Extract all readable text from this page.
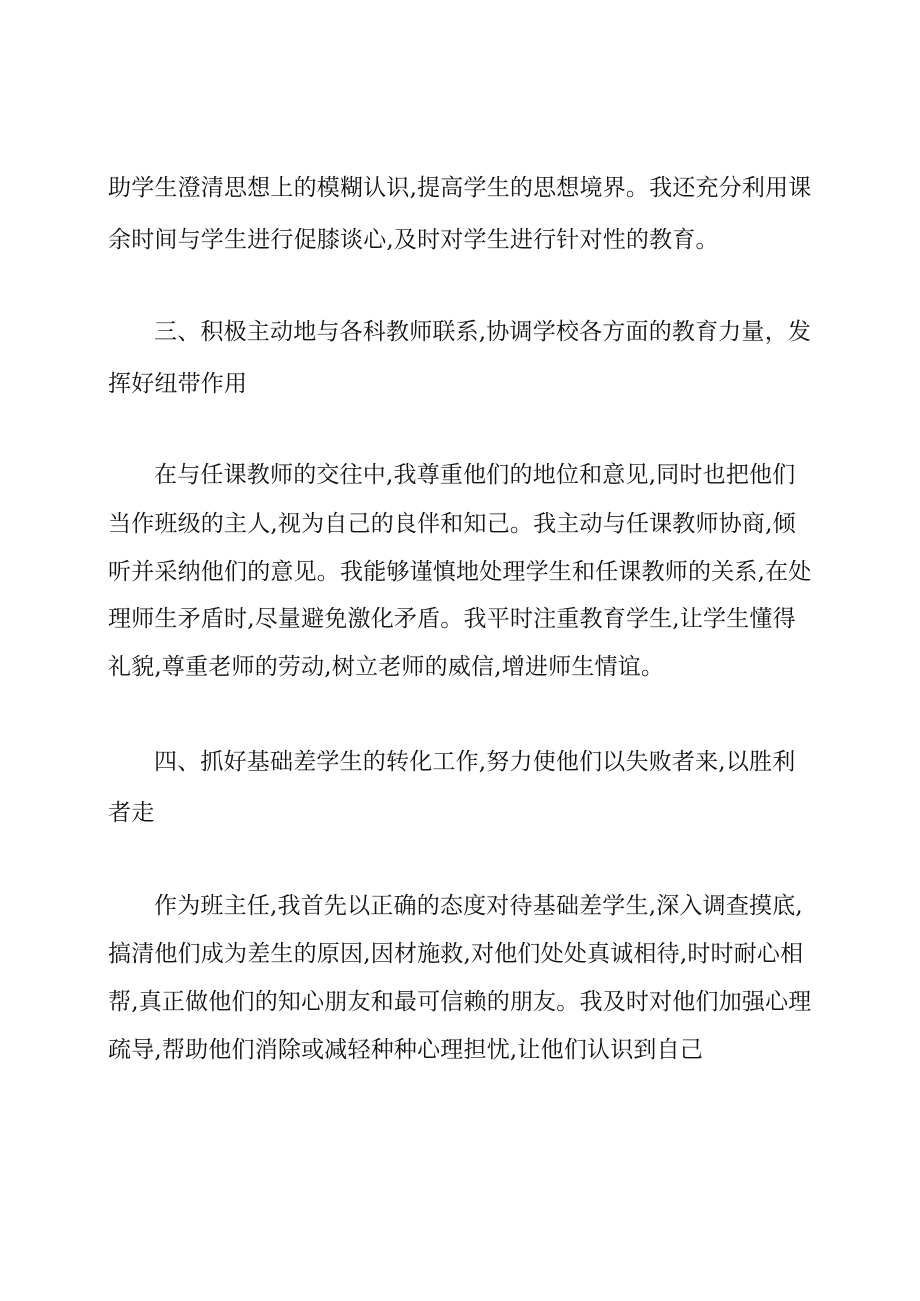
助学生澄清思想上的模糊认识,提高学生的思想境界。我还充分利用课

余时间与学生进行促膝谈心,及时对学生进行针对性的教育。

三、积极主动地与各科教师联系,协调学校各方面的教育力量，发

挥好纽带作用

在与任课教师的交往中,我尊重他们的地位和意见,同时也把他们

当作班级的主人,视为自己的良伴和知己。我主动与任课教师协商,倾

听并采纳他们的意见。我能够谨慎地处理学生和任课教师的关系,在处

理师生矛盾时,尽量避免激化矛盾。我平时注重教育学生,让学生懂得

礼貌,尊重老师的劳动,树立老师的威信,增进师生情谊。

四、抓好基础差学生的转化工作,努力使他们以失败者来,以胜利

者走

作为班主任,我首先以正确的态度对待基础差学生,深入调查摸底,

搞清他们成为差生的原因,因材施救,对他们处处真诚相待,时时耐心相

帮,真正做他们的知心朋友和最可信赖的朋友。我及时对他们加强心理

疏导,帮助他们消除或减轻种种心理担忧,让他们认识到自己
